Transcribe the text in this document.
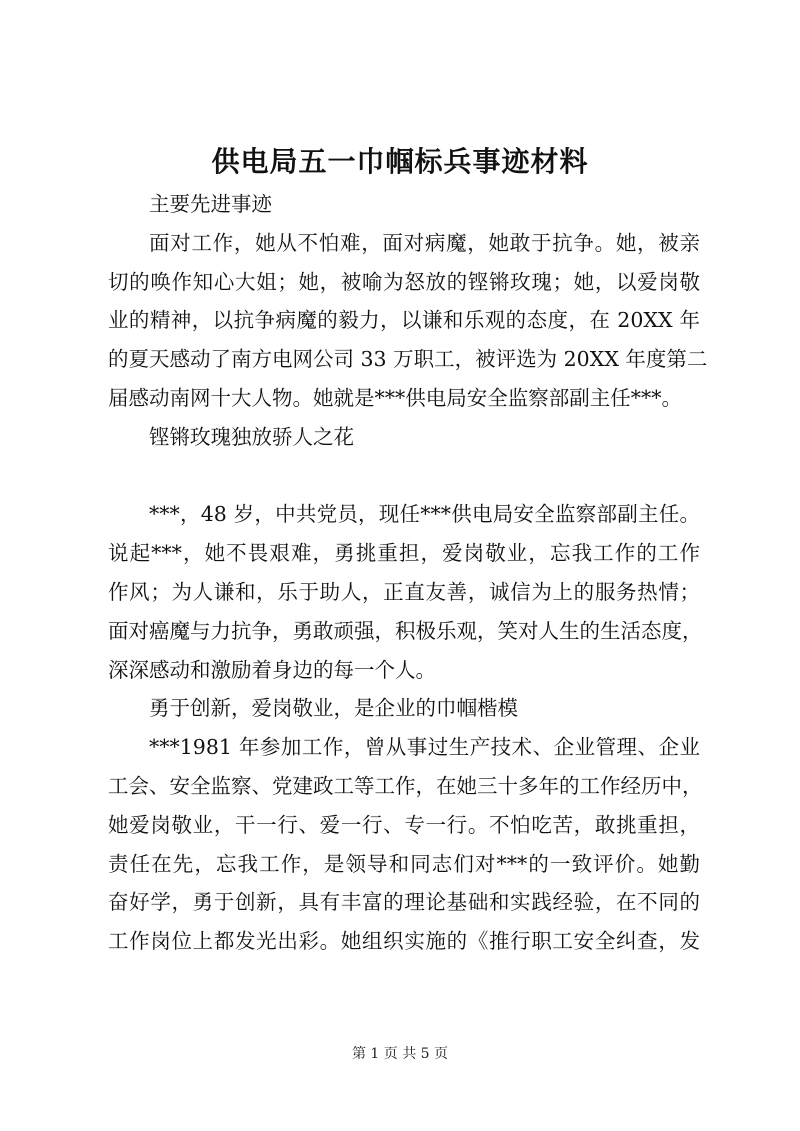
供电局五一巾帼标兵事迹材料
主要先进事迹
面对工作，她从不怕难，面对病魔，她敢于抗争。她，被亲
切的唤作知心大姐；她，被喻为怒放的铿锵玫瑰；她，以爱岗敬
业的精神，以抗争病魔的毅力，以谦和乐观的态度，在 20XX 年
的夏天感动了南方电网公司 33 万职工，被评选为 20XX 年度第二
届感动南网十大人物。她就是***供电局安全监察部副主任***。
铿锵玫瑰独放骄人之花
***，48 岁，中共党员，现任***供电局安全监察部副主任。
说起***，她不畏艰难，勇挑重担，爱岗敬业，忘我工作的工作
作风；为人谦和，乐于助人，正直友善，诚信为上的服务热情；
面对癌魔与力抗争，勇敢顽强，积极乐观，笑对人生的生活态度，
深深感动和激励着身边的每一个人。
勇于创新，爱岗敬业，是企业的巾帼楷模
***1981 年参加工作，曾从事过生产技术、企业管理、企业
工会、安全监察、党建政工等工作，在她三十多年的工作经历中，
她爱岗敬业，干一行、爱一行、专一行。不怕吃苦，敢挑重担，
责任在先，忘我工作，是领导和同志们对***的一致评价。她勤
奋好学，勇于创新，具有丰富的理论基础和实践经验，在不同的
工作岗位上都发光出彩。她组织实施的《推行职工安全纠查，发
第 1 页 共 5 页
